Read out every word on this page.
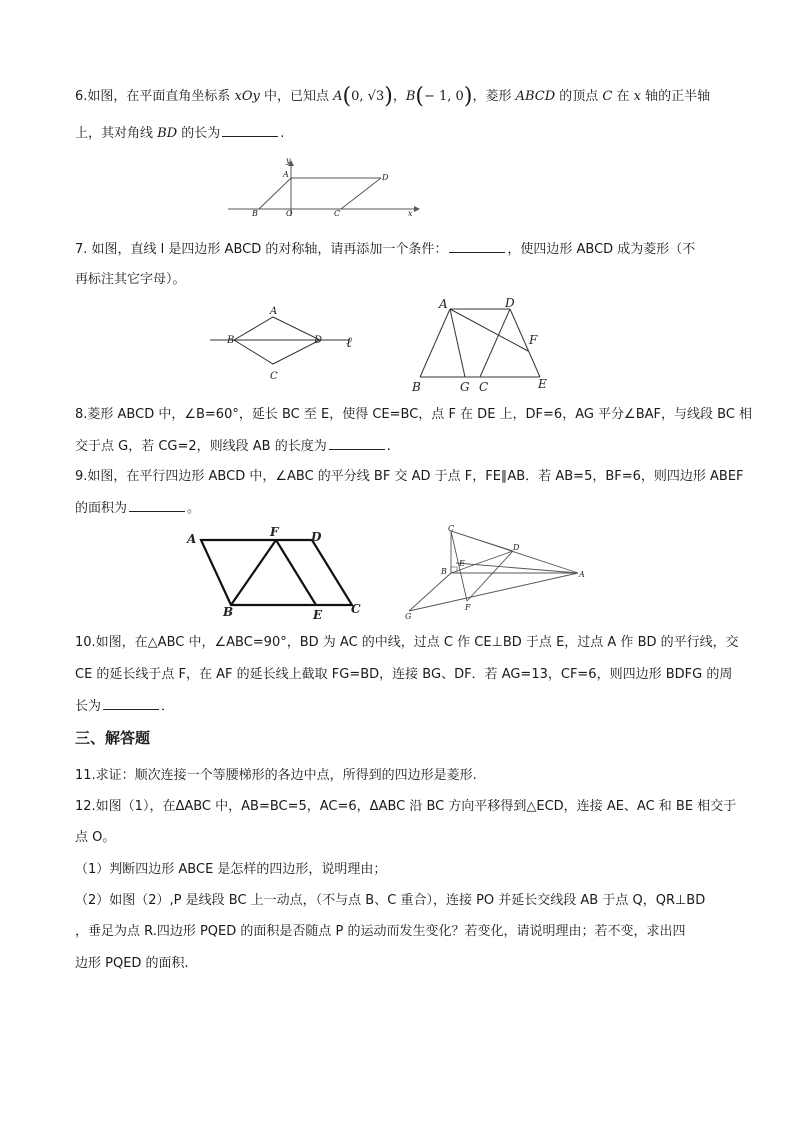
6.如图，在平面直角坐标系 xOy 中，已知点 A(0, √3)，B(− 1, 0)，菱形 ABCD 的顶点 C 在 x 轴的正半轴
上，其对角线 BD 的长为	.
y
A	D
B	O	C	x
7. 如图，直线 l 是四边形 ABCD 的对称轴，请再添加一个条件：	，使四边形 ABCD 成为菱形（不
再标注其它字母）。
A
B	D
C
ℓ
A	D
F
B	G C	E
8.菱形 ABCD 中，∠B=60°，延长 BC 至 E，使得 CE=BC，点 F 在 DE 上，DF=6，AG 平分∠BAF，与线段 BC 相
交于点 G，若 CG=2，则线段 AB 的长度为	.
9.如图，在平行四边形 ABCD 中，∠ABC 的平分线 BF 交 AD 于点 F，FE∥AB．若 AB=5，BF=6，则四边形 ABEF
的面积为	。
A	F	D
B	E C
C
D
B
E
A
G
F
10.如图，在△ABC 中，∠ABC=90°，BD 为 AC 的中线，过点 C 作 CE⊥BD 于点 E，过点 A 作 BD 的平行线，交
CE 的延长线于点 F，在 AF 的延长线上截取 FG=BD，连接 BG、DF．若 AG=13，CF=6，则四边形 BDFG 的周
长为	．
三、解答题
11.求证：顺次连接一个等腰梯形的各边中点，所得到的四边形是菱形.
12.如图（1），在ΔABC 中，AB=BC=5，AC=6，ΔABC 沿 BC 方向平移得到△ECD，连接 AE、AC 和 BE 相交于
点 O。
（1）判断四边形 ABCE 是怎样的四边形，说明理由；
（2）如图（2）,P 是线段 BC 上一动点，（不与点 B、C 重合），连接 PO 并延长交线段 AB 于点 Q，QR⊥BD
，垂足为点 R.四边形 PQED 的面积是否随点 P 的运动而发生变化？若变化，请说明理由；若不变，求出四
边形 PQED 的面积.
